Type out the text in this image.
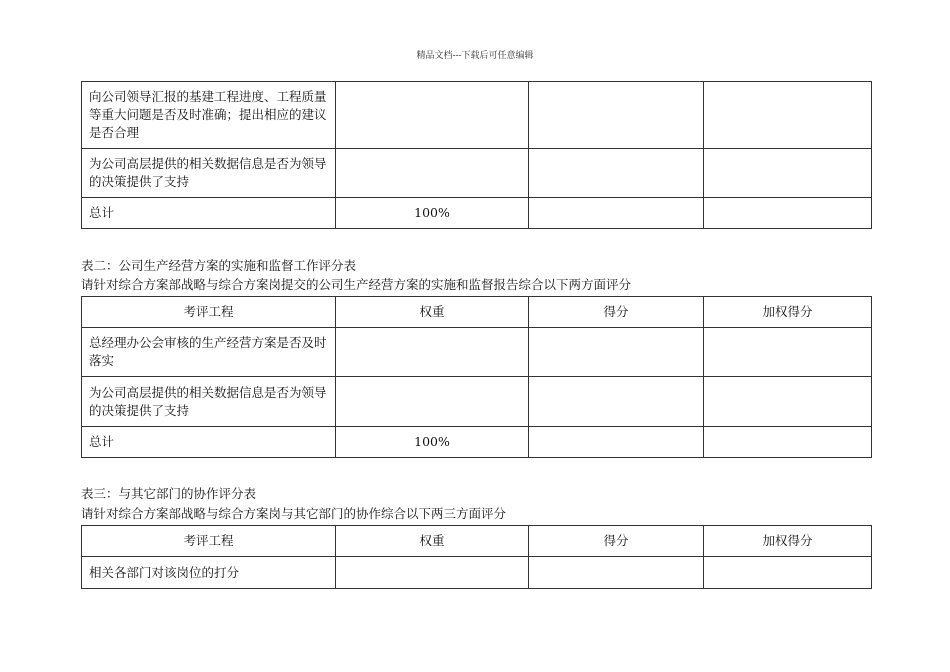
精品文档---下载后可任意编辑
向公司领导汇报的基建工程进度、工程质量等重大问题是否及时准确；提出相应的建议是否合理			
为公司高层提供的相关数据信息是否为领导的决策提供了支持			
总计	100%		
表二：公司生产经营方案的实施和监督工作评分表
请针对综合方案部战略与综合方案岗提交的公司生产经营方案的实施和监督报告综合以下两方面评分
考评工程	权重	得分	加权得分
总经理办公会审核的生产经营方案是否及时落实			
为公司高层提供的相关数据信息是否为领导的决策提供了支持			
总计	100%		
表三：与其它部门的协作评分表
请针对综合方案部战略与综合方案岗与其它部门的协作综合以下两三方面评分
考评工程	权重	得分	加权得分
相关各部门对该岗位的打分			
